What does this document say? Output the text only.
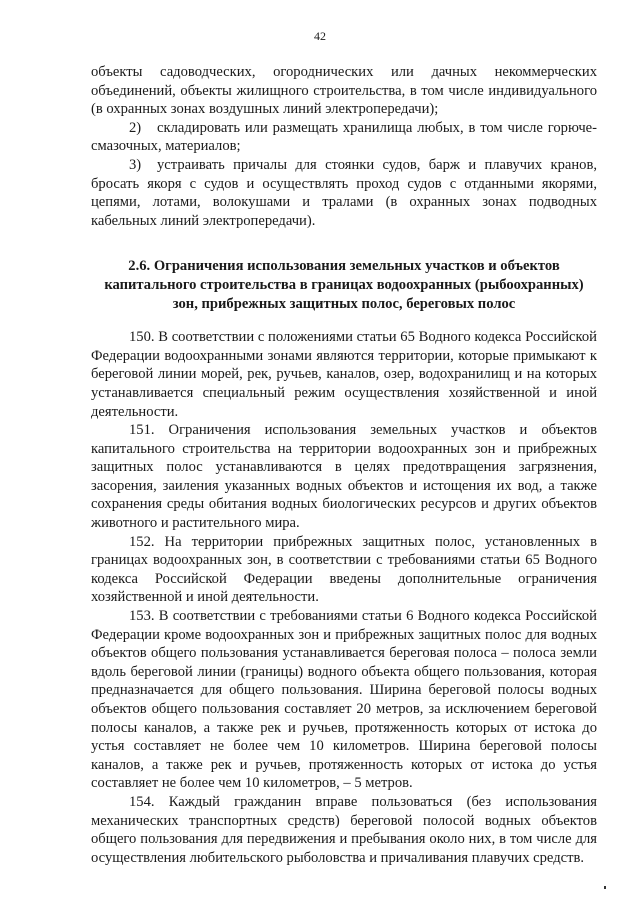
42

объекты садоводческих, огороднических или дачных некоммерческих объединений, объекты жилищного строительства, в том числе индивидуального (в охранных зонах воздушных линий электропередачи);

2) складировать или размещать хранилища любых, в том числе горюче-смазочных, материалов;

3) устраивать причалы для стоянки судов, барж и плавучих кранов, бросать якоря с судов и осуществлять проход судов с отданными якорями, цепями, лотами, волокушами и тралами (в охранных зонах подводных кабельных линий электропередачи).

2.6. Ограничения использования земельных участков и объектов капитального строительства в границах водоохранных (рыбоохранных) зон, прибрежных защитных полос, береговых полос

150. В соответствии с положениями статьи 65 Водного кодекса Российской Федерации водоохранными зонами являются территории, которые примыкают к береговой линии морей, рек, ручьев, каналов, озер, водохранилищ и на которых устанавливается специальный режим осуществления хозяйственной и иной деятельности.

151. Ограничения использования земельных участков и объектов капитального строительства на территории водоохранных зон и прибрежных защитных полос устанавливаются в целях предотвращения загрязнения, засорения, заиления указанных водных объектов и истощения их вод, а также сохранения среды обитания водных биологических ресурсов и других объектов животного и растительного мира.

152. На территории прибрежных защитных полос, установленных в границах водоохранных зон, в соответствии с требованиями статьи 65 Водного кодекса Российской Федерации введены дополнительные ограничения хозяйственной и иной деятельности.

153. В соответствии с требованиями статьи 6 Водного кодекса Российской Федерации кроме водоохранных зон и прибрежных защитных полос для водных объектов общего пользования устанавливается береговая полоса – полоса земли вдоль береговой линии (границы) водного объекта общего пользования, которая предназначается для общего пользования. Ширина береговой полосы водных объектов общего пользования составляет 20 метров, за исключением береговой полосы каналов, а также рек и ручьев, протяженность которых от истока до устья составляет не более чем 10 километров. Ширина береговой полосы каналов, а также рек и ручьев, протяженность которых от истока до устья составляет не более чем 10 километров, – 5 метров.

154. Каждый гражданин вправе пользоваться (без использования механических транспортных средств) береговой полосой водных объектов общего пользования для передвижения и пребывания около них, в том числе для осуществления любительского рыболовства и причаливания плавучих средств.
